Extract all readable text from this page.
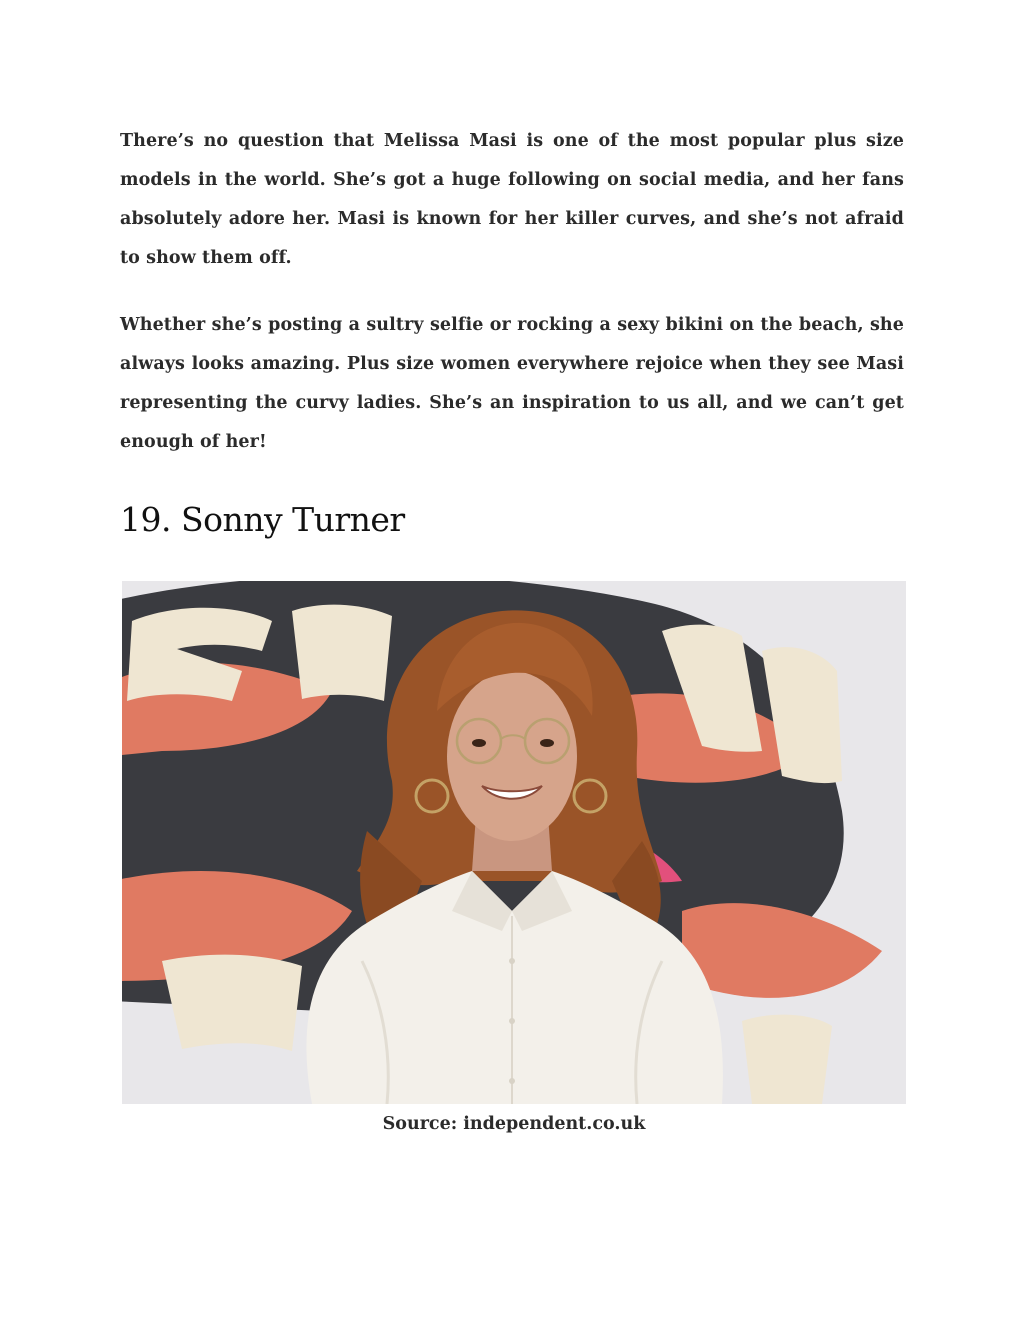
There’s no question that Melissa Masi is one of the most popular plus size models in the world. She’s got a huge following on social media, and her fans absolutely adore her. Masi is known for her killer curves, and she’s not afraid to show them off.

Whether she’s posting a sultry selfie or rocking a sexy bikini on the beach, she always looks amazing. Plus size women everywhere rejoice when they see Masi representing the curvy ladies. She’s an inspiration to us all, and we can’t get enough of her!

19. Sonny Turner
Source: independent.co.uk
